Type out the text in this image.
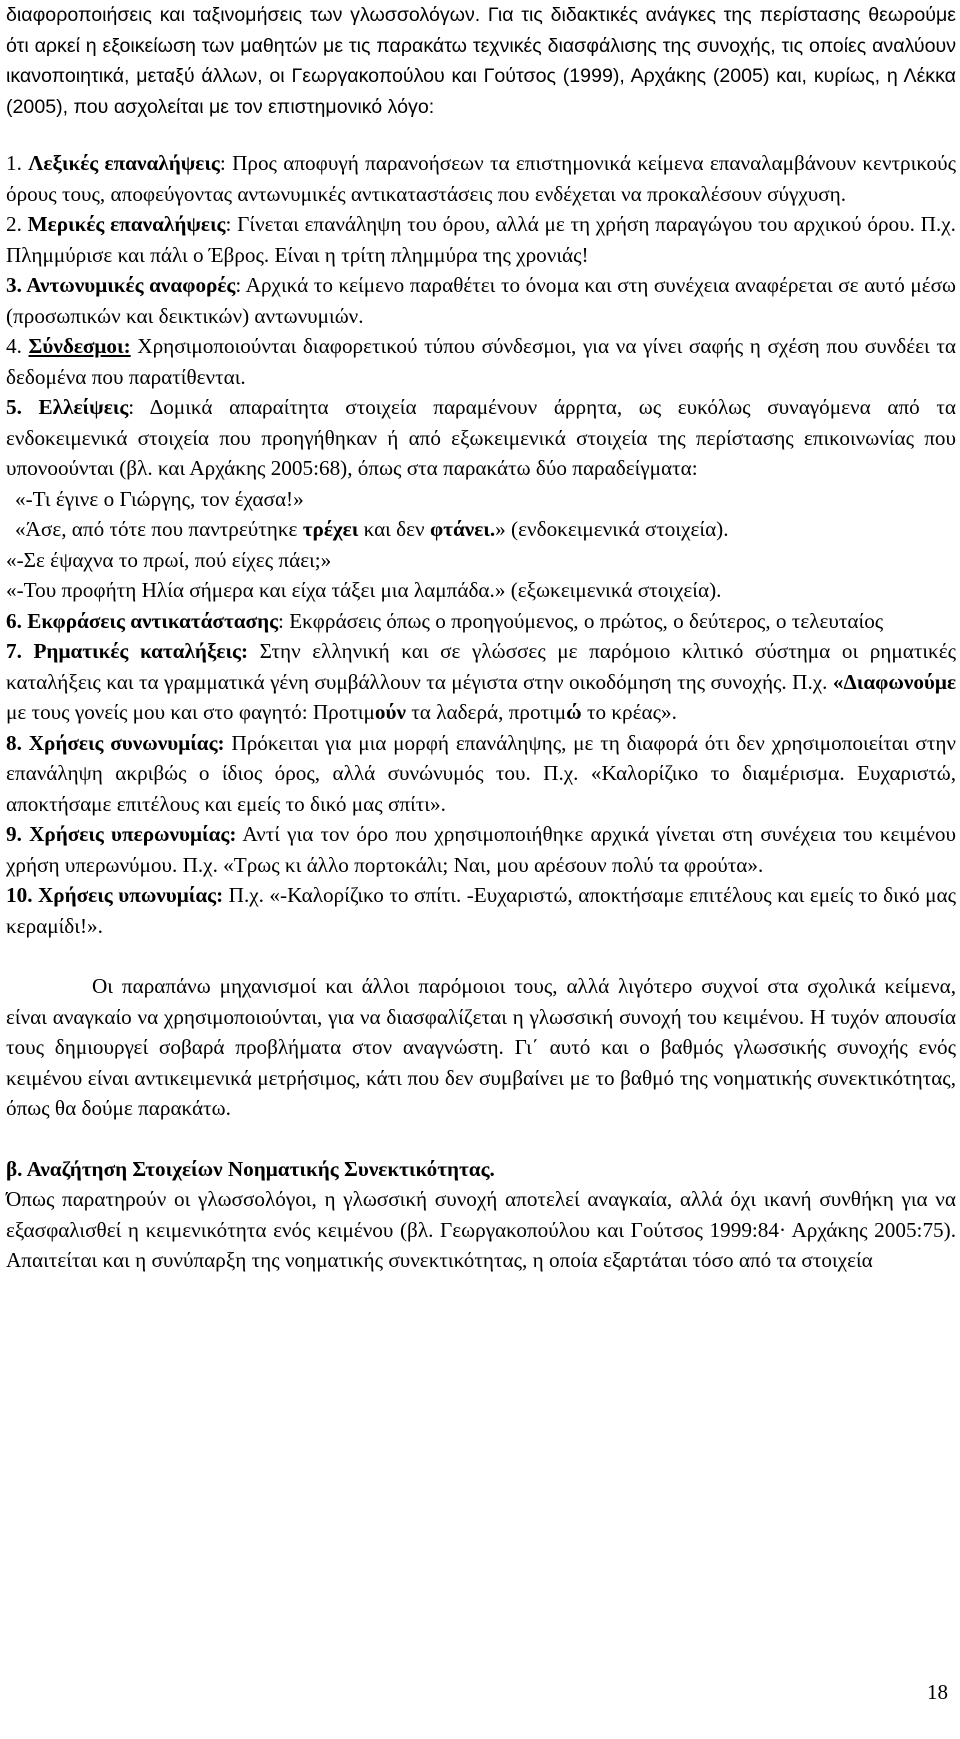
διαφοροποιήσεις και ταξινομήσεις των γλωσσολόγων. Για τις διδακτικές ανάγκες της περίστασης θεωρούμε ότι αρκεί η εξοικείωση των μαθητών με τις παρακάτω τεχνικές διασφάλισης της συνοχής, τις οποίες αναλύουν ικανοποιητικά, μεταξύ άλλων, οι Γεωργακοπούλου και Γούτσος (1999), Αρχάκης (2005) και, κυρίως, η Λέκκα (2005), που ασχολείται με τον επιστημονικό λόγο:

1. Λεξικές επαναλήψεις: Προς αποφυγή παρανοήσεων τα επιστημονικά κείμενα επαναλαμβάνουν κεντρικούς όρους τους, αποφεύγοντας αντωνυμικές αντικαταστάσεις που ενδέχεται να προκαλέσουν σύγχυση.

2. Μερικές επαναλήψεις: Γίνεται επανάληψη του όρου, αλλά με τη χρήση παραγώγου του αρχικού όρου. Π.χ. Πλημμύρισε και πάλι ο Έβρος. Είναι η τρίτη πλημμύρα της χρονιάς!

3. Αντωνυμικές αναφορές: Αρχικά το κείμενο παραθέτει το όνομα και στη συνέχεια αναφέρεται σε αυτό μέσω (προσωπικών και δεικτικών) αντωνυμιών.

4. Σύνδεσμοι: Χρησιμοποιούνται διαφορετικού τύπου σύνδεσμοι, για να γίνει σαφής η σχέση που συνδέει τα δεδομένα που παρατίθενται.

5. Ελλείψεις: Δομικά απαραίτητα στοιχεία παραμένουν άρρητα, ως ευκόλως συναγόμενα από τα ενδοκειμενικά στοιχεία που προηγήθηκαν ή από εξωκειμενικά στοιχεία της περίστασης επικοινωνίας που υπονοούνται (βλ. και Αρχάκης 2005:68), όπως στα παρακάτω δύο παραδείγματα:

«-Τι έγινε ο Γιώργης, τον έχασα!»

«Άσε, από τότε που παντρεύτηκε τρέχει και δεν φτάνει.» (ενδοκειμενικά στοιχεία).

«-Σε έψαχνα το πρωί, πού είχες πάει;»

«-Του προφήτη Ηλία σήμερα και είχα τάξει μια λαμπάδα.» (εξωκειμενικά στοιχεία).

6. Εκφράσεις αντικατάστασης: Εκφράσεις όπως ο προηγούμενος, ο πρώτος, ο δεύτερος, ο τελευταίος

7. Ρηματικές καταλήξεις: Στην ελληνική και σε γλώσσες με παρόμοιο κλιτικό σύστημα οι ρηματικές καταλήξεις και τα γραμματικά γένη συμβάλλουν τα μέγιστα στην οικοδόμηση της συνοχής. Π.χ. «Διαφωνούμε με τους γονείς μου και στο φαγητό: Προτιμούν τα λαδερά, προτιμώ το κρέας».

8. Χρήσεις συνωνυμίας: Πρόκειται για μια μορφή επανάληψης, με τη διαφορά ότι δεν χρησιμοποιείται στην επανάληψη ακριβώς ο ίδιος όρος, αλλά συνώνυμός του. Π.χ. «Καλορίζικο το διαμέρισμα. Ευχαριστώ, αποκτήσαμε επιτέλους και εμείς το δικό μας σπίτι».

9. Χρήσεις υπερωνυμίας: Αντί για τον όρο που χρησιμοποιήθηκε αρχικά γίνεται στη συνέχεια του κειμένου χρήση υπερωνύμου. Π.χ. «Τρως κι άλλο πορτοκάλι; Ναι, μου αρέσουν πολύ τα φρούτα».

10. Χρήσεις υπωνυμίας: Π.χ. «-Καλορίζικο το σπίτι. -Ευχαριστώ, αποκτήσαμε επιτέλους και εμείς το δικό μας κεραμίδι!».

Οι παραπάνω μηχανισμοί και άλλοι παρόμοιοι τους, αλλά λιγότερο συχνοί στα σχολικά κείμενα, είναι αναγκαίο να χρησιμοποιούνται, για να διασφαλίζεται η γλωσσική συνοχή του κειμένου. Η τυχόν απουσία τους δημιουργεί σοβαρά προβλήματα στον αναγνώστη. Γι΄ αυτό και ο βαθμός γλωσσικής συνοχής ενός κειμένου είναι αντικειμενικά μετρήσιμος, κάτι που δεν συμβαίνει με το βαθμό της νοηματικής συνεκτικότητας, όπως θα δούμε παρακάτω.

β. Αναζήτηση Στοιχείων Νοηματικής Συνεκτικότητας.

Όπως παρατηρούν οι γλωσσολόγοι, η γλωσσική συνοχή αποτελεί αναγκαία, αλλά όχι ικανή συνθήκη για να εξασφαλισθεί η κειμενικότητα ενός κειμένου (βλ. Γεωργακοπούλου και Γούτσος 1999:84· Αρχάκης 2005:75). Απαιτείται και η συνύπαρξη της νοηματικής συνεκτικότητας, η οποία εξαρτάται τόσο από τα στοιχεία

18
